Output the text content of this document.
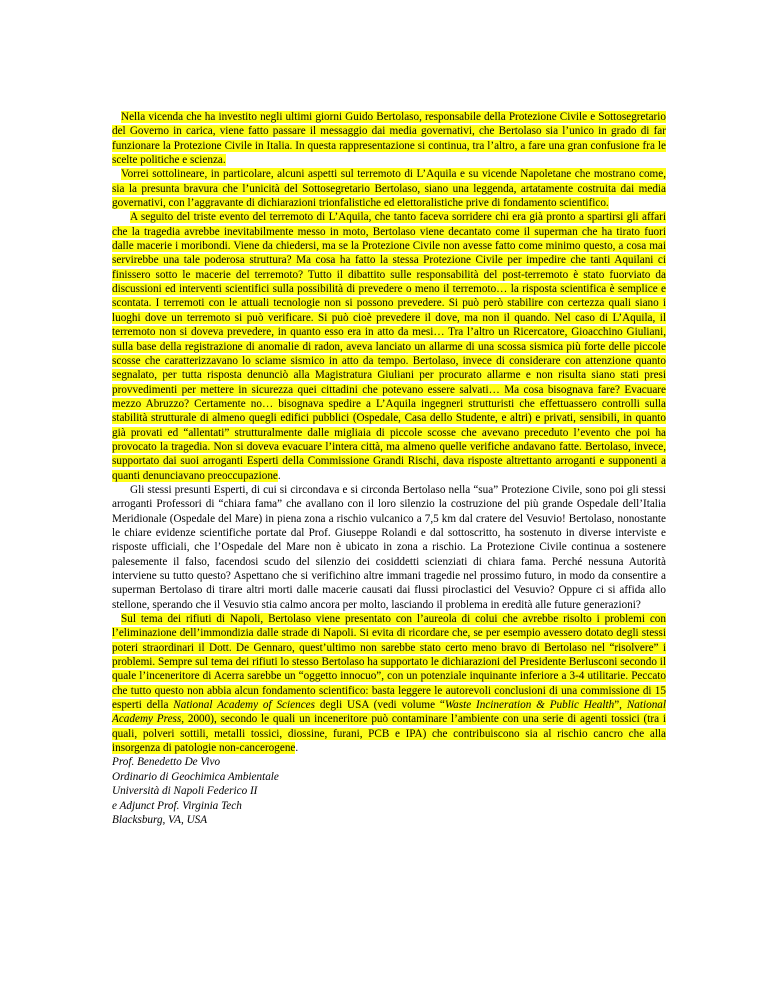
Nella vicenda che ha investito negli ultimi giorni Guido Bertolaso, responsabile della Protezione Civile e Sottosegretario del Governo in carica, viene fatto passare il messaggio dai media governativi, che Bertolaso sia l’unico in grado di far funzionare la Protezione Civile in Italia. In questa rappresentazione si continua, tra l’altro, a fare una gran confusione fra le scelte politiche e scienza.

Vorrei sottolineare, in particolare, alcuni aspetti sul terremoto di L’Aquila e su vicende Napoletane che mostrano come, sia la presunta bravura che l’unicità del Sottosegretario Bertolaso, siano una leggenda, artatamente costruita dai media governativi, con l’aggravante di dichiarazioni trionfalistiche ed elettoralistiche prive di fondamento scientifico.

A seguito del triste evento del terremoto di L’Aquila, che tanto faceva sorridere chi era già pronto a spartirsi gli affari che la tragedia avrebbe inevitabilmente messo in moto, Bertolaso viene decantato come il superman che ha tirato fuori dalle macerie i moribondi. Viene da chiedersi, ma se la Protezione Civile non avesse fatto come minimo questo, a cosa mai servirebbe una tale poderosa struttura? Ma cosa ha fatto la stessa Protezione Civile per impedire che tanti Aquilani ci finissero sotto le macerie del terremoto? Tutto il dibattito sulle responsabilità del post-terremoto è stato fuorviato da discussioni ed interventi scientifici sulla possibilità di prevedere o meno il terremoto… la risposta scientifica è semplice e scontata. I terremoti con le attuali tecnologie non si possono prevedere. Si può però stabilire con certezza quali siano i luoghi dove un terremoto si può verificare. Si può cioè prevedere il dove, ma non il quando. Nel caso di L’Aquila, il terremoto non si doveva prevedere, in quanto esso era in atto da mesi… Tra l’altro un Ricercatore, Gioacchino Giuliani, sulla base della registrazione di anomalie di radon, aveva lanciato un allarme di una scossa sismica più forte delle piccole scosse che caratterizzavano lo sciame sismico in atto da tempo. Bertolaso, invece di considerare con attenzione quanto segnalato, per tutta risposta denunciò alla Magistratura Giuliani per procurato allarme e non risulta siano stati presi provvedimenti per mettere in sicurezza quei cittadini che potevano essere salvati… Ma cosa bisognava fare? Evacuare mezzo Abruzzo? Certamente no… bisognava spedire a L’Aquila ingegneri strutturisti che effettuassero controlli sulla stabilità strutturale di almeno quegli edifici pubblici (Ospedale, Casa dello Studente, e altri) e privati, sensibili, in quanto già provati ed “allentati” strutturalmente dalle migliaia di piccole scosse che avevano preceduto l’evento che poi ha provocato la tragedia. Non si doveva evacuare l’intera città, ma almeno quelle verifiche andavano fatte. Bertolaso, invece, supportato dai suoi arroganti Esperti della Commissione Grandi Rischi, dava risposte altrettanto arroganti e supponenti a quanti denunciavano preoccupazione.

Gli stessi presunti Esperti, di cui si circondava e si circonda Bertolaso nella “sua” Protezione Civile, sono poi gli stessi arroganti Professori di “chiara fama” che avallano con il loro silenzio la costruzione del più grande Ospedale dell’Italia Meridionale (Ospedale del Mare) in piena zona a rischio vulcanico a 7,5 km dal cratere del Vesuvio! Bertolaso, nonostante le chiare evidenze scientifiche portate dal Prof. Giuseppe Rolandi e dal sottoscritto, ha sostenuto in diverse interviste e risposte ufficiali, che l’Ospedale del Mare non è ubicato in zona a rischio. La Protezione Civile continua a sostenere palesemente il falso, facendosi scudo del silenzio dei cosiddetti scienziati di chiara fama. Perché nessuna Autorità interviene su tutto questo? Aspettano che si verifichino altre immani tragedie nel prossimo futuro, in modo da consentire a superman Bertolaso di tirare altri morti dalle macerie causati dai flussi piroclastici del Vesuvio? Oppure ci si affida allo stellone, sperando che il Vesuvio stia calmo ancora per molto, lasciando il problema in eredità alle future generazioni?

Sul tema dei rifiuti di Napoli, Bertolaso viene presentato con l’aureola di colui che avrebbe risolto i problemi con l’eliminazione dell’immondizia dalle strade di Napoli. Si evita di ricordare che, se per esempio avessero dotato degli stessi poteri straordinari il Dott. De Gennaro, quest’ultimo non sarebbe stato certo meno bravo di Bertolaso nel “risolvere” i problemi. Sempre sul tema dei rifiuti lo stesso Bertolaso ha supportato le dichiarazioni del Presidente Berlusconi secondo il quale l’inceneritore di Acerra sarebbe un “oggetto innocuo”, con un potenziale inquinante inferiore a 3-4 utilitarie. Peccato che tutto questo non abbia alcun fondamento scientifico: basta leggere le autorevoli conclusioni di una commissione di 15 esperti della National Academy of Sciences degli USA (vedi volume “Waste Incineration & Public Health”, National Academy Press, 2000), secondo le quali un inceneritore può contaminare l’ambiente con una serie di agenti tossici (tra i quali, polveri sottili, metalli tossici, diossine, furani, PCB e IPA) che contribuiscono sia al rischio cancro che alla insorgenza di patologie non-cancerogene.

Prof. Benedetto De Vivo
Ordinario di Geochimica Ambientale
Università di Napoli Federico II
e Adjunct Prof. Virginia Tech
Blacksburg, VA, USA
